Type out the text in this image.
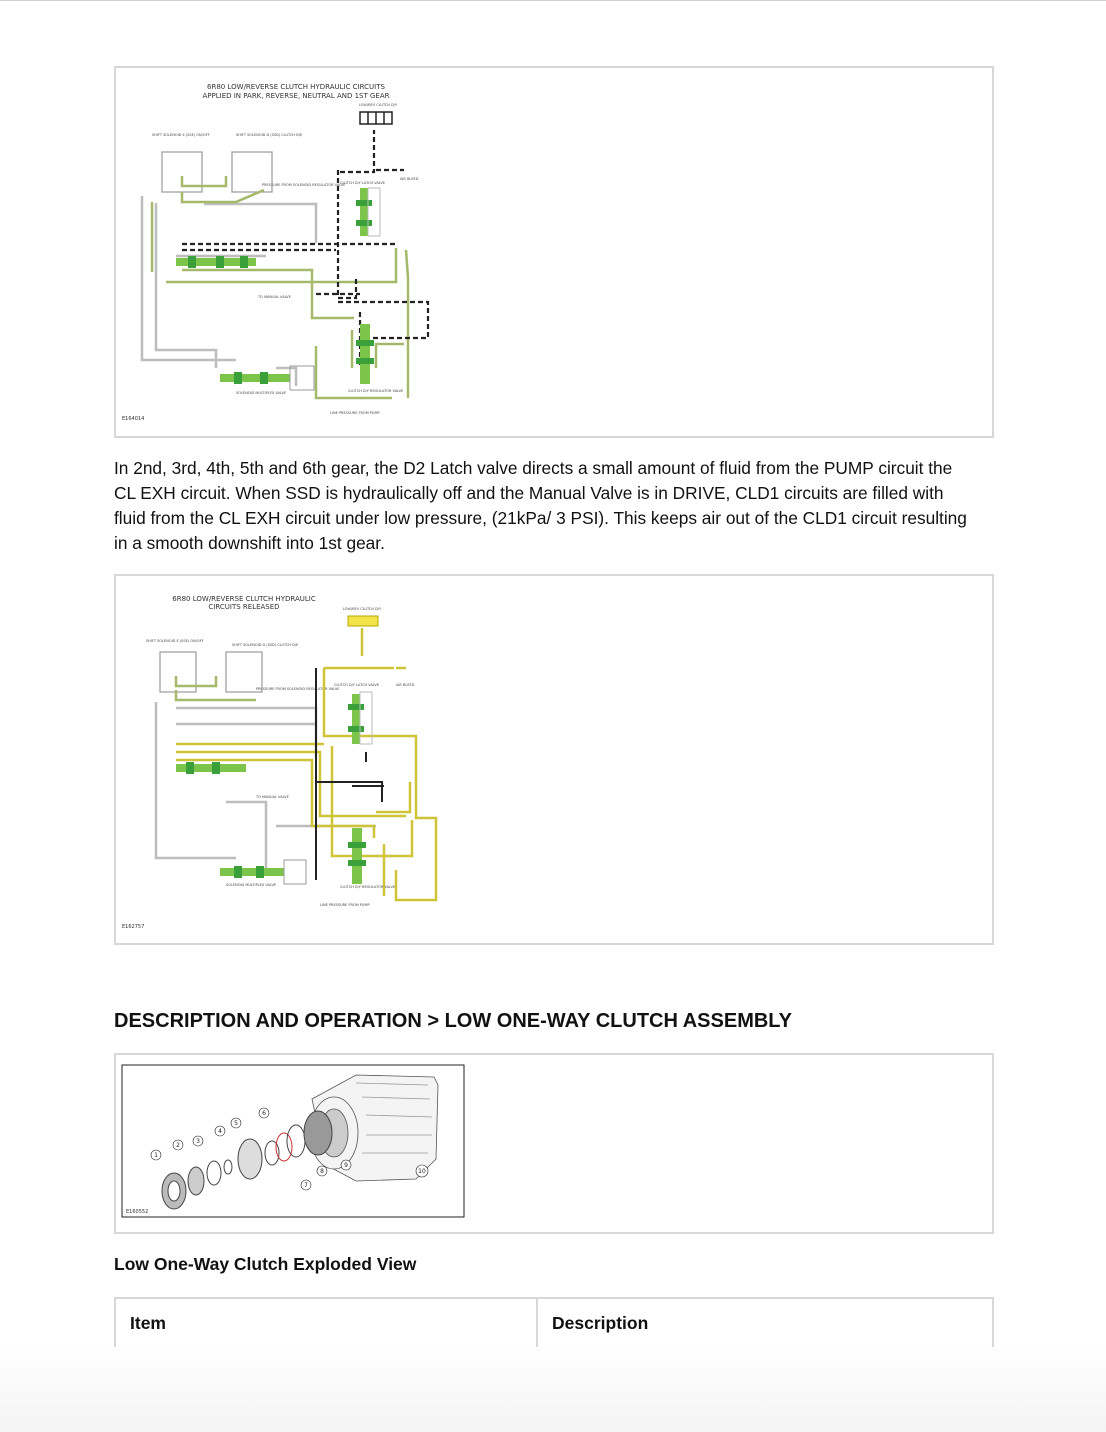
6R80 LOW/REVERSE CLUTCH HYDRAULIC CIRCUITS
APPLIED IN PARK, REVERSE, NEUTRAL AND 1ST GEAR
LOW/REV CLUTCH D/Y
SHIFT SOLENOID E (SSE) ON/OFF	SHIFT SOLENOID D (SSD) CLUTCH D/E
PRESSURE FROM SOLENOID REGULATOR VALVE
TO MANUAL VALVE
LINE PRESSURE FROM PUMP
AIR BLEED
SOLENOID MULTIPLEX VALVE
CLUTCH D/Y LATCH VALVE
CLUTCH D/Y REGULATOR VALVE
E164014

In 2nd, 3rd, 4th, 5th and 6th gear, the D2 Latch valve directs a small amount of fluid from the PUMP circuit the CL EXH circuit. When SSD is hydraulically off and the Manual Valve is in DRIVE, CLD1 circuits are filled with fluid from the CL EXH circuit under low pressure, (21kPa/ 3 PSI). This keeps air out of the CLD1 circuit resulting in a smooth downshift into 1st gear.

6R80 LOW/REVERSE CLUTCH HYDRAULIC
CIRCUITS RELEASED	LOW/REV CLUTCH D/Y
SHIFT SOLENOID E (SSE) ON/OFF
SHIFT SOLENOID D (SSD) CLUTCH D/E
PRESSURE FROM SOLENOID REGULATOR VALVE
TO MANUAL VALVE
LINE PRESSURE FROM PUMP
AIR BLEED
SOLENOID MULTIPLEX VALVE
CLUTCH D/Y LATCH VALVE
CLUTCH D/Y REGULATOR VALVE
E162757
DESCRIPTION AND OPERATION > LOW ONE-WAY CLUTCH ASSEMBLY
1
2
3
4
5
6
7
8
9
10
E160552

Low One-Way Clutch Exploded View

Item	Description
